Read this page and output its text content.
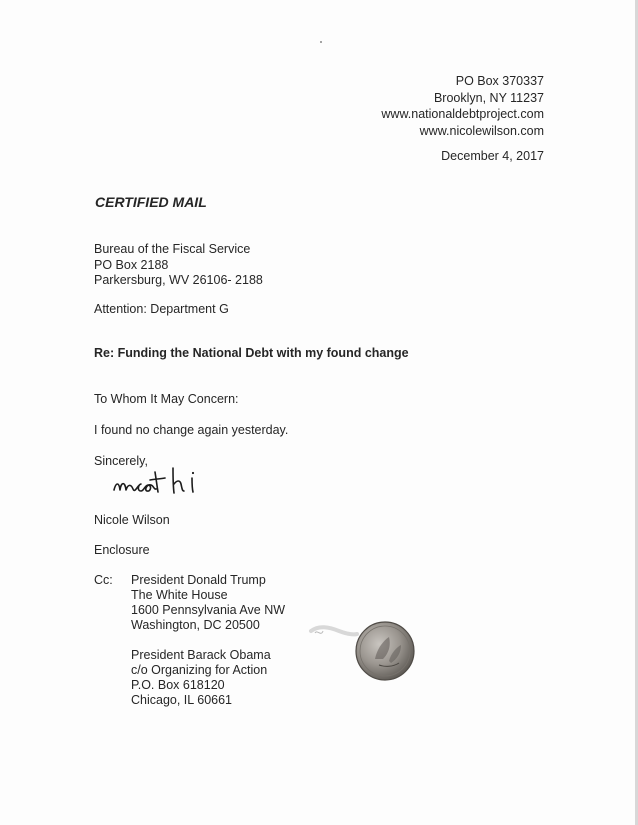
PO Box 370337
Brooklyn, NY 11237
www.nationaldebtproject.com
www.nicolewilson.com
December 4, 2017
CERTIFIED MAIL
Bureau of the Fiscal Service
PO Box 2188
Parkersburg, WV 26106- 2188
Attention: Department G
Re: Funding the National Debt with my found change
To Whom It May Concern:
I found no change again yesterday.
Sincerely,
Nicole Wilson
Enclosure
Cc: President Donald Trump
The White House
1600 Pennsylvania Ave NW
Washington, DC 20500
President Barack Obama
c/o Organizing for Action
P.O. Box 618120
Chicago, IL 60661
